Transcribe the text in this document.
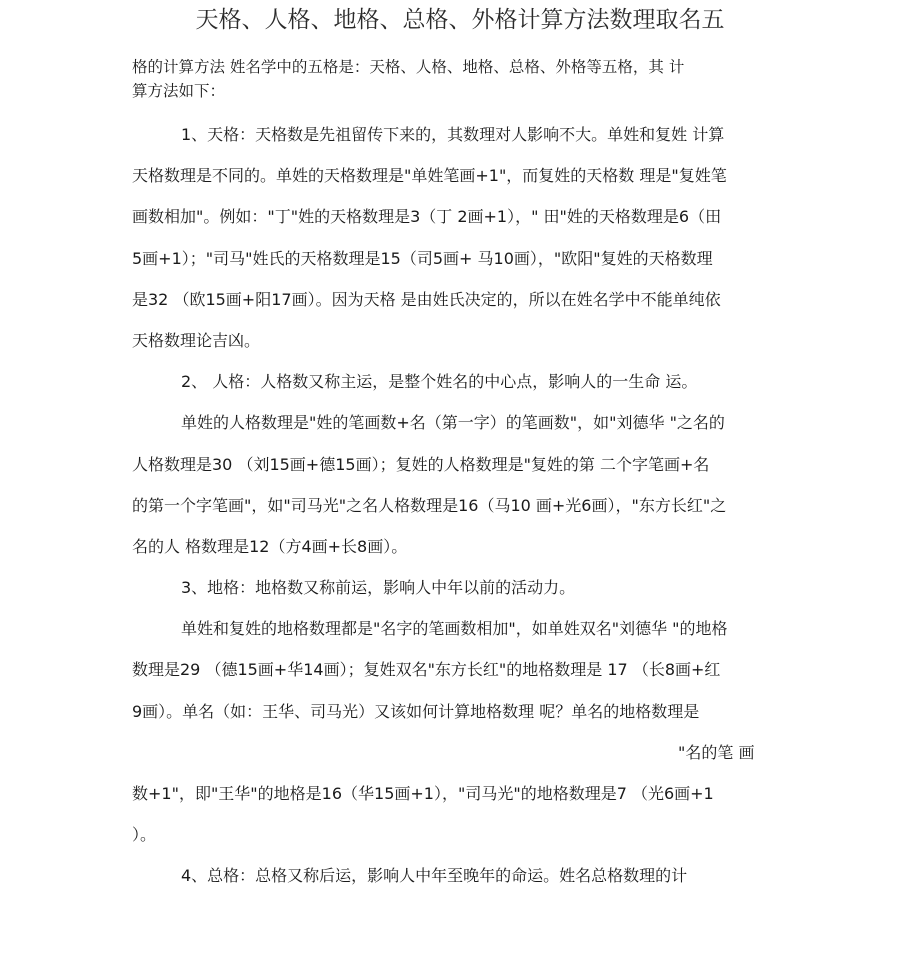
天格、人格、地格、总格、外格计算方法数理取名五
格的计算方法 姓名学中的五格是：天格、人格、地格、总格、外格等五格，其 计
算方法如下：
1、天格：天格数是先祖留传下来的，其数理对人影响不大。单姓和复姓 计算
天格数理是不同的。单姓的天格数理是"单姓笔画+1"，而复姓的天格数 理是"复姓笔
画数相加"。例如："丁"姓的天格数理是3（丁 2画+1），" 田"姓的天格数理是6（田
5画+1）；"司马"姓氏的天格数理是15（司5画+ 马10画），"欧阳"复姓的天格数理
是32 （欧15画+阳17画）。因为天格 是由姓氏决定的，所以在姓名学中不能单纯依
天格数理论吉凶。
2、 人格：人格数又称主运，是整个姓名的中心点，影响人的一生命 运。
单姓的人格数理是"姓的笔画数+名（第一字）的笔画数"，如"刘德华 "之名的
人格数理是30 （刘15画+德15画）；复姓的人格数理是"复姓的第 二个字笔画+名
的第一个字笔画"，如"司马光"之名人格数理是16（马10 画+光6画），"东方长红"之
名的人 格数理是12（方4画+长8画）。
3、地格：地格数又称前运，影响人中年以前的活动力。
单姓和复姓的地格数理都是"名字的笔画数相加"，如单姓双名"刘德华 "的地格
数理是29 （德15画+华14画）；复姓双名"东方长红"的地格数理是 17 （长8画+红
9画）。单名（如：王华、司马光）又该如何计算地格数理 呢？单名的地格数理是
"名的笔 画
数+1"，即"王华"的地格是16（华15画+1），"司马光"的地格数理是7 （光6画+1
）。
4、总格：总格又称后运，影响人中年至晚年的命运。姓名总格数理的计
